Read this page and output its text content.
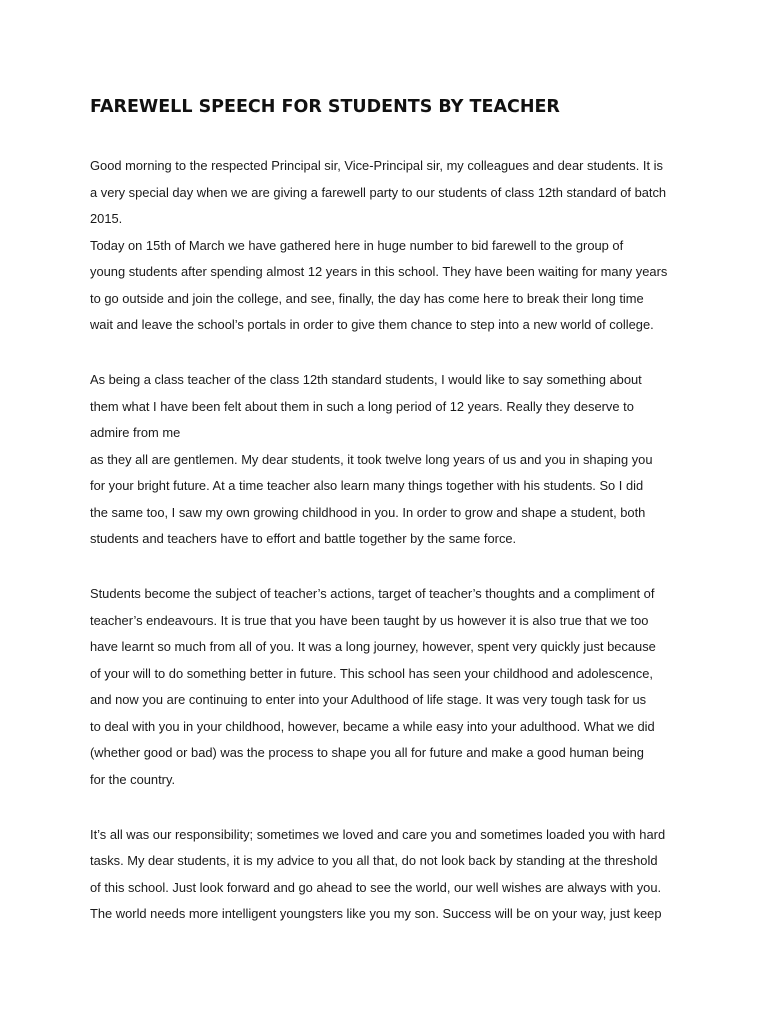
FAREWELL SPEECH FOR STUDENTS BY TEACHER
Good morning to the respected Principal sir, Vice-Principal sir, my colleagues and dear students. It is
a very special day when we are giving a farewell party to our students of class 12th standard of batch
2015.
Today on 15th of March we have gathered here in huge number to bid farewell to the group of
young students after spending almost 12 years in this school. They have been waiting for many years
to go outside and join the college, and see, finally, the day has come here to break their long time
wait and leave the school’s portals in order to give them chance to step into a new world of college.
As being a class teacher of the class 12th standard students, I would like to say something about
them what I have been felt about them in such a long period of 12 years. Really they deserve to
admire from me
as they all are gentlemen. My dear students, it took twelve long years of us and you in shaping you
for your bright future. At a time teacher also learn many things together with his students. So I did
the same too, I saw my own growing childhood in you. In order to grow and shape a student, both
students and teachers have to effort and battle together by the same force.
Students become the subject of teacher’s actions, target of teacher’s thoughts and a compliment of
teacher’s endeavours. It is true that you have been taught by us however it is also true that we too
have learnt so much from all of you. It was a long journey, however, spent very quickly just because
of your will to do something better in future. This school has seen your childhood and adolescence,
and now you are continuing to enter into your Adulthood of life stage. It was very tough task for us
to deal with you in your childhood, however, became a while easy into your adulthood. What we did
(whether good or bad) was the process to shape you all for future and make a good human being
for the country.
It’s all was our responsibility; sometimes we loved and care you and sometimes loaded you with hard
tasks. My dear students, it is my advice to you all that, do not look back by standing at the threshold
of this school. Just look forward and go ahead to see the world, our well wishes are always with you.
The world needs more intelligent youngsters like you my son. Success will be on your way, just keep
